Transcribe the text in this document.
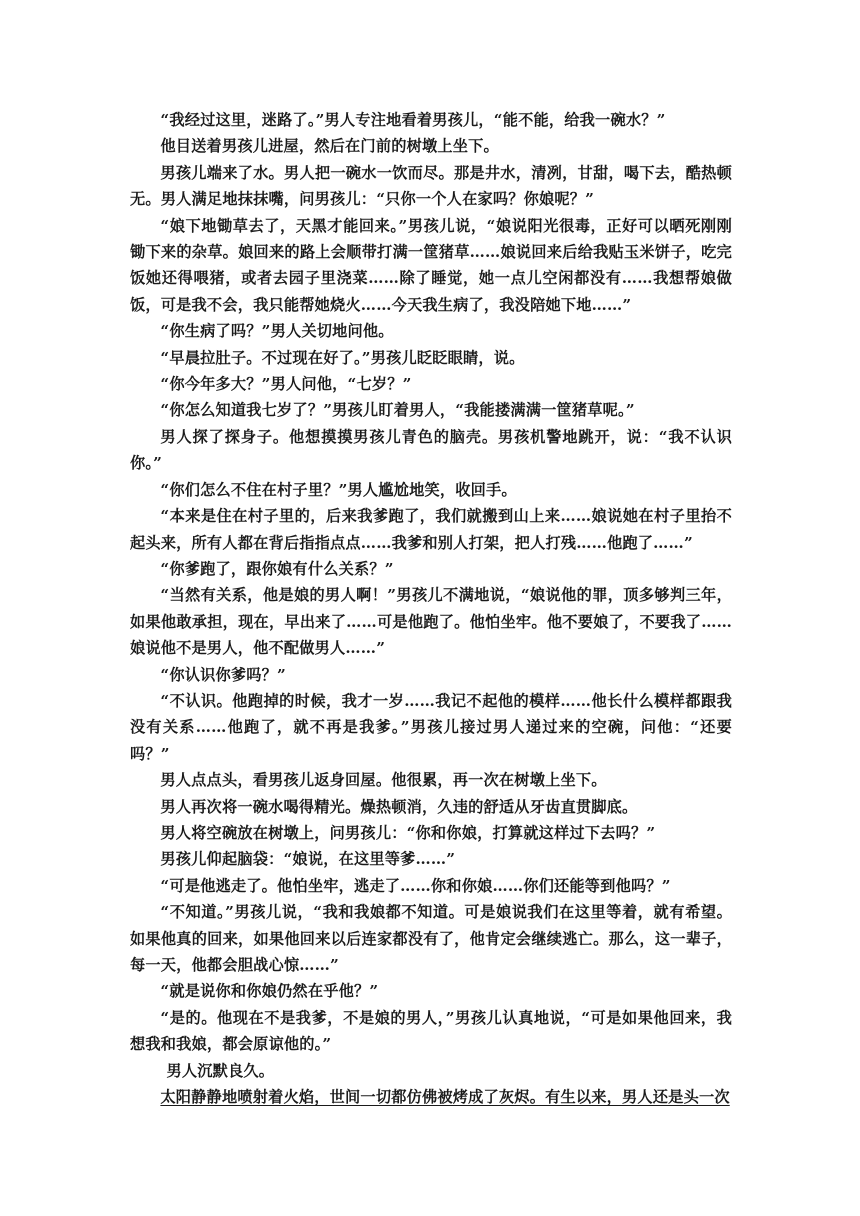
“我经过这里，迷路了。”男人专注地看着男孩儿，“能不能，给我一碗水？”

他目送着男孩儿进屋，然后在门前的树墩上坐下。

男孩儿端来了水。男人把一碗水一饮而尽。那是井水，清冽，甘甜，喝下去，酷热顿无。男人满足地抹抹嘴，问男孩儿：“只你一个人在家吗？你娘呢？”

“娘下地锄草去了，天黑才能回来。”男孩儿说，“娘说阳光很毒，正好可以晒死刚刚锄下来的杂草。娘回来的路上会顺带打满一筐猪草……娘说回来后给我贴玉米饼子，吃完饭她还得喂猪，或者去园子里浇菜……除了睡觉，她一点儿空闲都没有……我想帮娘做饭，可是我不会，我只能帮她烧火……今天我生病了，我没陪她下地……”

“你生病了吗？”男人关切地问他。

“早晨拉肚子。不过现在好了。”男孩儿眨眨眼睛，说。

“你今年多大？”男人问他，“七岁？”

“你怎么知道我七岁了？”男孩儿盯着男人，“我能搂满满一筐猪草呢。”

男人探了探身子。他想摸摸男孩儿青色的脑壳。男孩机警地跳开，说：“我不认识你。”

“你们怎么不住在村子里？”男人尴尬地笑，收回手。

“本来是住在村子里的，后来我爹跑了，我们就搬到山上来……娘说她在村子里抬不起头来，所有人都在背后指指点点……我爹和别人打架，把人打残……他跑了……”

“你爹跑了，跟你娘有什么关系？”

“当然有关系，他是娘的男人啊！”男孩儿不满地说，“娘说他的罪，顶多够判三年，如果他敢承担，现在，早出来了……可是他跑了。他怕坐牢。他不要娘了，不要我了……娘说他不是男人，他不配做男人……”

“你认识你爹吗？”

“不认识。他跑掉的时候，我才一岁……我记不起他的模样……他长什么模样都跟我没有关系……他跑了，就不再是我爹。”男孩儿接过男人递过来的空碗，问他：“还要吗？”

男人点点头，看男孩儿返身回屋。他很累，再一次在树墩上坐下。

男人再次将一碗水喝得精光。燥热顿消，久违的舒适从牙齿直贯脚底。

男人将空碗放在树墩上，问男孩儿：“你和你娘，打算就这样过下去吗？”

男孩儿仰起脑袋：“娘说，在这里等爹……”

“可是他逃走了。他怕坐牢，逃走了……你和你娘……你们还能等到他吗？”

“不知道。”男孩儿说，“我和我娘都不知道。可是娘说我们在这里等着，就有希望。如果他真的回来，如果他回来以后连家都没有了，他肯定会继续逃亡。那么，这一辈子，每一天，他都会胆战心惊……”

“就是说你和你娘仍然在乎他？”

“是的。他现在不是我爹，不是娘的男人，”男孩儿认真地说，“可是如果他回来，我想我和我娘，都会原谅他的。”

男人沉默良久。

太阳静静地喷射着火焰，世间一切都仿佛被烤成了灰烬。有生以来，男人还是头一次
